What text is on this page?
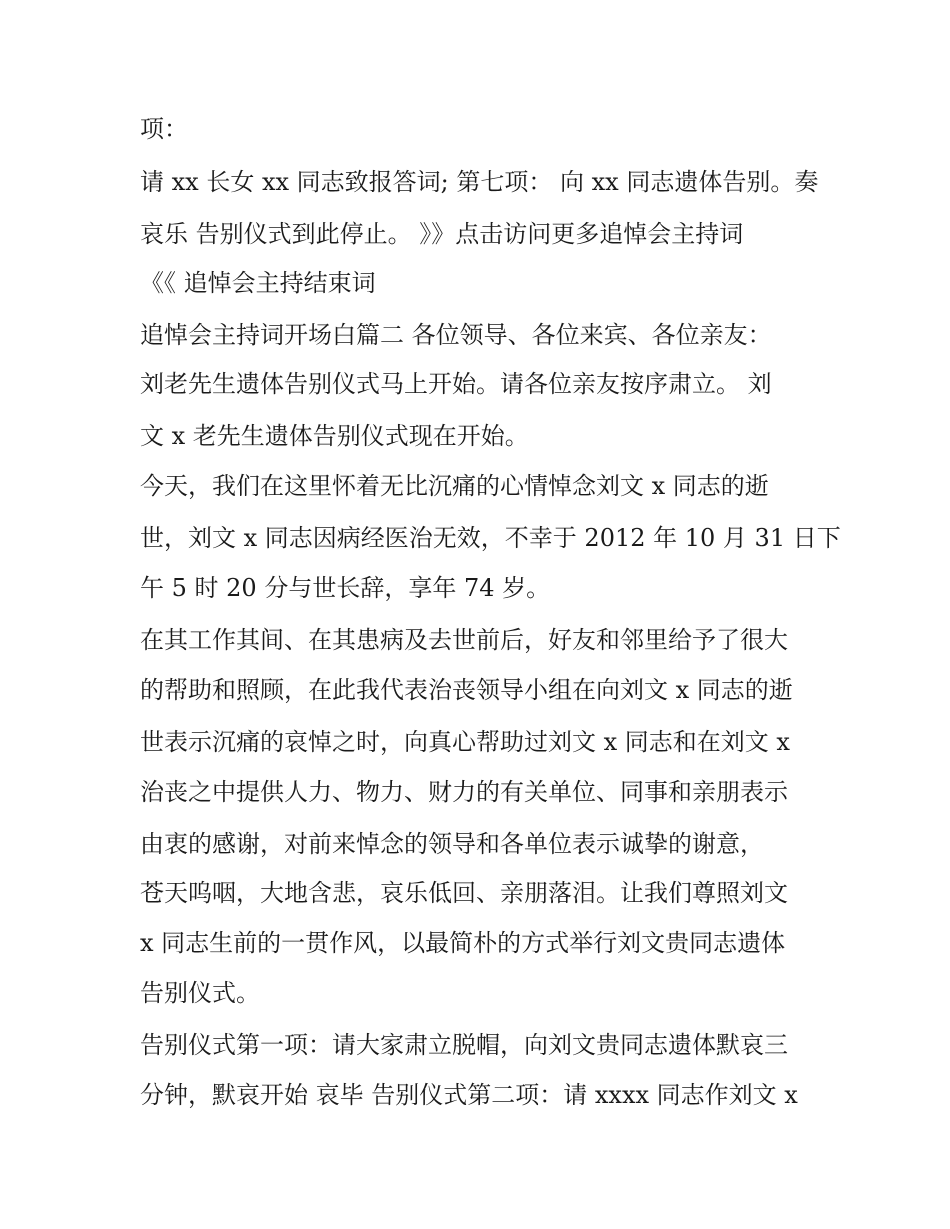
项：
请 xx 长女 xx 同志致报答词; 第七项： 向 xx 同志遗体告别。奏
哀乐 告别仪式到此停止。 》》点击访问更多追悼会主持词
《《 追悼会主持结束词
追悼会主持词开场白篇二 各位领导、各位来宾、各位亲友：
刘老先生遗体告别仪式马上开始。请各位亲友按序肃立。 刘
文 x 老先生遗体告别仪式现在开始。
今天，我们在这里怀着无比沉痛的心情悼念刘文 x 同志的逝
世，刘文 x 同志因病经医治无效，不幸于 2012 年 10 月 31 日下
午 5 时 20 分与世长辞，享年 74 岁。
在其工作其间、在其患病及去世前后，好友和邻里给予了很大
的帮助和照顾，在此我代表治丧领导小组在向刘文 x 同志的逝
世表示沉痛的哀悼之时，向真心帮助过刘文 x 同志和在刘文 x
治丧之中提供人力、物力、财力的有关单位、同事和亲朋表示
由衷的感谢，对前来悼念的领导和各单位表示诚挚的谢意，
苍天呜咽，大地含悲，哀乐低回、亲朋落泪。让我们尊照刘文
x 同志生前的一贯作风，以最简朴的方式举行刘文贵同志遗体
告别仪式。
告别仪式第一项：请大家肃立脱帽，向刘文贵同志遗体默哀三
分钟，默哀开始 哀毕 告别仪式第二项：请 xxxx 同志作刘文 x
